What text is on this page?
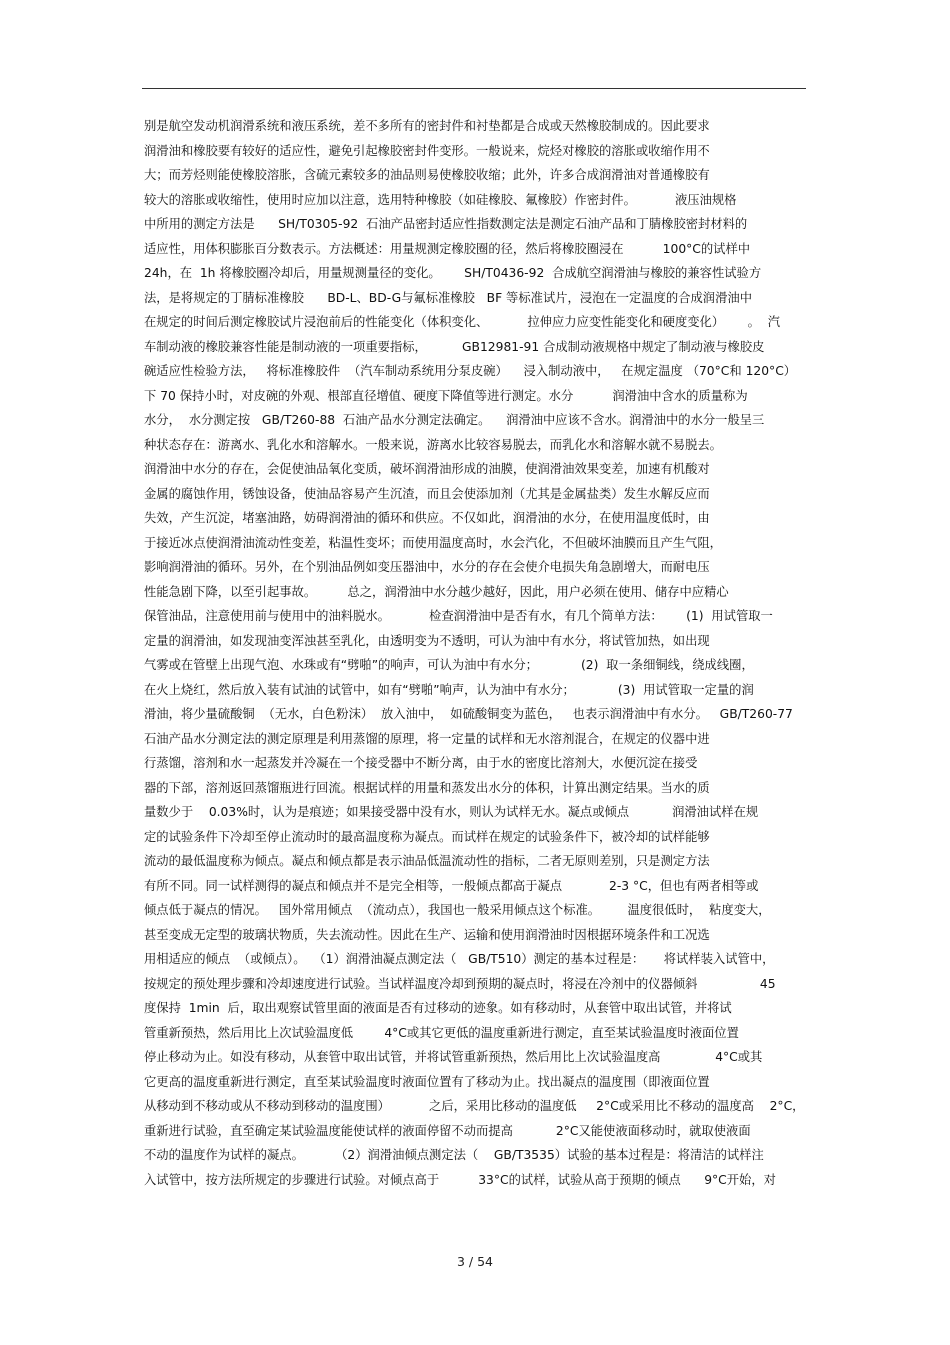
别是航空发动机润滑系统和液压系统，差不多所有的密封件和衬垫都是合成或天然橡胶制成的。因此要求
润滑油和橡胶要有较好的适应性，避免引起橡胶密封件变形。一般说来，烷烃对橡胶的溶胀或收缩作用不
大；而芳烃则能使橡胶溶胀，含硫元素较多的油品则易使橡胶收缩；此外，许多合成润滑油对普通橡胶有
较大的溶胀或收缩性，使用时应加以注意，选用特种橡胶（如硅橡胶、氟橡胶）作密封件。          液压油规格
中所用的测定方法是      SH/T0305-92  石油产品密封适应性指数测定法是测定石油产品和丁腈橡胶密封材料的
适应性，用体积膨胀百分数表示。方法概述：用量规测定橡胶圈的径，然后将橡胶圈浸在          100°C的试样中
24h，在  1h 将橡胶圈冷却后，用量规测量径的变化。      SH/T0436-92  合成航空润滑油与橡胶的兼容性试验方
法，是将规定的丁腈标准橡胶      BD-L、BD-G与氟标准橡胶   BF 等标准试片，浸泡在一定温度的合成润滑油中
在规定的时间后测定橡胶试片浸泡前后的性能变化（体积变化、          拉伸应力应变性能变化和硬度变化）      。  汽
车制动液的橡胶兼容性能是制动液的一项重要指标，         GB12981-91 合成制动液规格中规定了制动液与橡胶皮
碗适应性检验方法，   将标准橡胶件  （汽车制动系统用分泵皮碗）    浸入制动液中，   在规定温度 （70°C和 120°C）
下 70 保持小时，对皮碗的外观、根部直径增值、硬度下降值等进行测定。水分          润滑油中含水的质量称为
水分，  水分测定按   GB/T260-88  石油产品水分测定法确定。    润滑油中应该不含水。润滑油中的水分一般呈三
种状态存在：游离水、乳化水和溶解水。一般来说，游离水比较容易脱去，而乳化水和溶解水就不易脱去。
润滑油中水分的存在，会促使油品氧化变质，破坏润滑油形成的油膜，使润滑油效果变差，加速有机酸对
金属的腐蚀作用，锈蚀设备，使油品容易产生沉渣，而且会使添加剂（尤其是金属盐类）发生水解反应而
失效，产生沉淀，堵塞油路，妨碍润滑油的循环和供应。不仅如此，润滑油的水分，在使用温度低时，由
于接近冰点使润滑油流动性变差，粘温性变坏；而使用温度高时，水会汽化，不但破坏油膜而且产生气阻，
影响润滑油的循环。另外，在个别油品例如变压器油中，水分的存在会使介电损失角急剧增大，而耐电压
性能急剧下降，以至引起事故。        总之，润滑油中水分越少越好，因此，用户必须在使用、储存中应精心
保管油品，注意使用前与使用中的油料脱水。          检查润滑油中是否有水，有几个简单方法：      (1)  用试管取一
定量的润滑油，如发现油变浑浊甚至乳化，由透明变为不透明，可认为油中有水分，将试管加热，如出现
气雾或在管壁上出现气泡、水珠或有“劈啪”的响声，可认为油中有水分；           (2)  取一条细铜线，绕成线圈，
在火上烧红，然后放入装有试油的试管中，如有“劈啪”响声，认为油中有水分；           (3)  用试管取一定量的润
滑油，将少量硫酸铜  （无水，白色粉沫）  放入油中，  如硫酸铜变为蓝色，   也表示润滑油中有水分。   GB/T260-77
石油产品水分测定法的测定原理是利用蒸馏的原理，将一定量的试样和无水溶剂混合，在规定的仪器中进
行蒸馏，溶剂和水一起蒸发并冷凝在一个接受器中不断分离，由于水的密度比溶剂大，水便沉淀在接受
器的下部，溶剂返回蒸馏瓶进行回流。根据试样的用量和蒸发出水分的体积，计算出测定结果。当水的质
量数少于    0.03%时，认为是痕迹；如果接受器中没有水，则认为试样无水。凝点或倾点           润滑油试样在规
定的试验条件下冷却至停止流动时的最高温度称为凝点。而试样在规定的试验条件下，被冷却的试样能够
流动的最低温度称为倾点。凝点和倾点都是表示油品低温流动性的指标，二者无原则差别，只是测定方法
有所不同。同一试样测得的凝点和倾点并不是完全相等，一般倾点都高于凝点            2-3 °C，但也有两者相等或
倾点低于凝点的情况。   国外常用倾点  （流动点），我国也一般采用倾点这个标准。       温度很低时，  粘度变大，
甚至变成无定型的玻璃状物质，失去流动性。因此在生产、运输和使用润滑油时因根据环境条件和工况选
用相适应的倾点  （或倾点）。  （1）润滑油凝点测定法（   GB/T510）测定的基本过程是：     将试样装入试管中，
按规定的预处理步骤和冷却速度进行试验。当试样温度冷却到预期的凝点时，将浸在冷剂中的仪器倾斜                45
度保持  1min  后，取出观察试管里面的液面是否有过移动的迹象。如有移动时，从套管中取出试管，并将试
管重新预热，然后用比上次试验温度低        4°C或其它更低的温度重新进行测定，直至某试验温度时液面位置
停止移动为止。如没有移动，从套管中取出试管，并将试管重新预热，然后用比上次试验温度高              4°C或其
它更高的温度重新进行测定，直至某试验温度时液面位置有了移动为止。找出凝点的温度围（即液面位置
从移动到不移动或从不移动到移动的温度围）          之后，采用比移动的温度低     2°C或采用比不移动的温度高    2°C，
重新进行试验，直至确定某试验温度能使试样的液面停留不动而提高           2°C又能使液面移动时，就取使液面
不动的温度作为试样的凝点。        （2）润滑油倾点测定法（    GB/T3535）试验的基本过程是：将清洁的试样注
入试管中，按方法所规定的步骤进行试验。对倾点高于          33°C的试样，试验从高于预期的倾点      9°C开始，对
3 / 54
